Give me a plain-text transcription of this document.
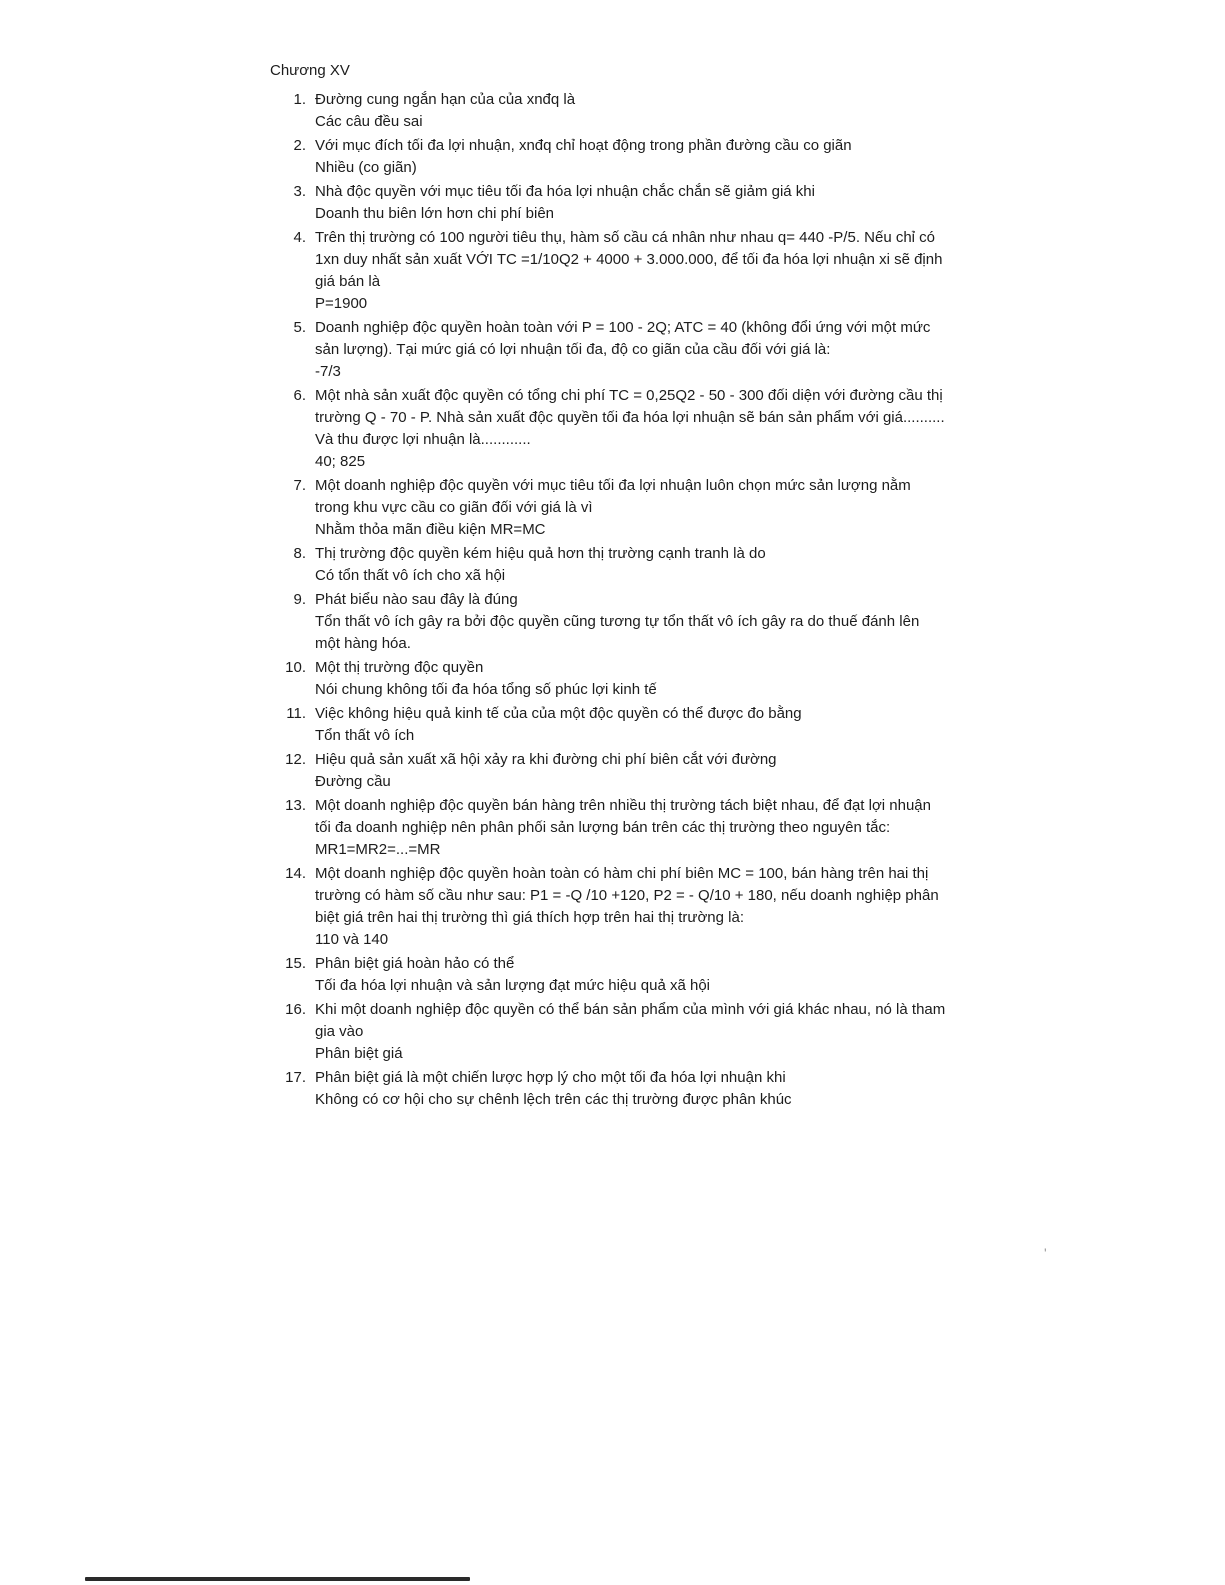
Chương XV
1. Đường cung ngắn hạn của của xnđq là
Các câu đều sai
2. Với mục đích tối đa lợi nhuận, xnđq chỉ hoạt động trong phần đường cầu co giãn
Nhiều (co giãn)
3. Nhà độc quyền với mục tiêu tối đa hóa lợi nhuận chắc chắn sẽ giảm giá khi
Doanh thu biên lớn hơn chi phí biên
4. Trên thị trường có 100 người tiêu thụ, hàm số cầu cá nhân như nhau q= 440 -P/5. Nếu chỉ có 1xn duy nhất sản xuất VỚI TC =1/10Q2 + 4000 + 3.000.000, để tối đa hóa lợi nhuận xi sẽ định giá bán là
P=1900
5. Doanh nghiệp độc quyền hoàn toàn với P = 100 - 2Q; ATC = 40 (không đổi ứng với một mức sản lượng). Tại mức giá có lợi nhuận tối đa, độ co giãn của cầu đối với giá là:
-7/3
6. Một nhà sản xuất độc quyền có tổng chi phí TC = 0,25Q2 - 50 - 300 đối diện với đường cầu thị trường Q - 70 - P. Nhà sản xuất độc quyền tối đa hóa lợi nhuận sẽ bán sản phẩm với giá.......... Và thu được lợi nhuận là............
40; 825
7. Một doanh nghiệp độc quyền với mục tiêu tối đa lợi nhuận luôn chọn mức sản lượng nằm trong khu vực cầu co giãn đối với giá là vì
Nhằm thỏa mãn điều kiện MR=MC
8. Thị trường độc quyền kém hiệu quả hơn thị trường cạnh tranh là do
Có tổn thất vô ích cho xã hội
9. Phát biểu nào sau đây là đúng
Tổn thất vô ích gây ra bởi độc quyền cũng tương tự tổn thất vô ích gây ra do thuế đánh lên một hàng hóa.
10. Một thị trường độc quyền
Nói chung không tối đa hóa tổng số phúc lợi kinh tế
11. Việc không hiệu quả kinh tế của của một độc quyền có thể được đo bằng
Tổn thất vô ích
12. Hiệu quả sản xuất xã hội xảy ra khi đường chi phí biên cắt với đường
Đường cầu
13. Một doanh nghiệp độc quyền bán hàng trên nhiều thị trường tách biệt nhau, để đạt lợi nhuận tối đa doanh nghiệp nên phân phối sản lượng bán trên các thị trường theo nguyên tắc:
MR1=MR2=...=MR
14. Một doanh nghiệp độc quyền hoàn toàn có hàm chi phí biên MC = 100, bán hàng trên hai thị trường có hàm số cầu như sau: P1 = -Q /10 +120, P2 = - Q/10 + 180, nếu doanh nghiệp phân biệt giá trên hai thị trường thì giá thích hợp trên hai thị trường là:
110 và 140
15. Phân biệt giá hoàn hảo có thể
Tối đa hóa lợi nhuận và sản lượng đạt mức hiệu quả xã hội
16. Khi một doanh nghiệp độc quyền có thể bán sản phẩm của mình với giá khác nhau, nó là tham gia vào
Phân biệt giá
17. Phân biệt giá là một chiến lược hợp lý cho một tối đa hóa lợi nhuận khi
Không có cơ hội cho sự chênh lệch trên các thị trường được phân khúc
'
